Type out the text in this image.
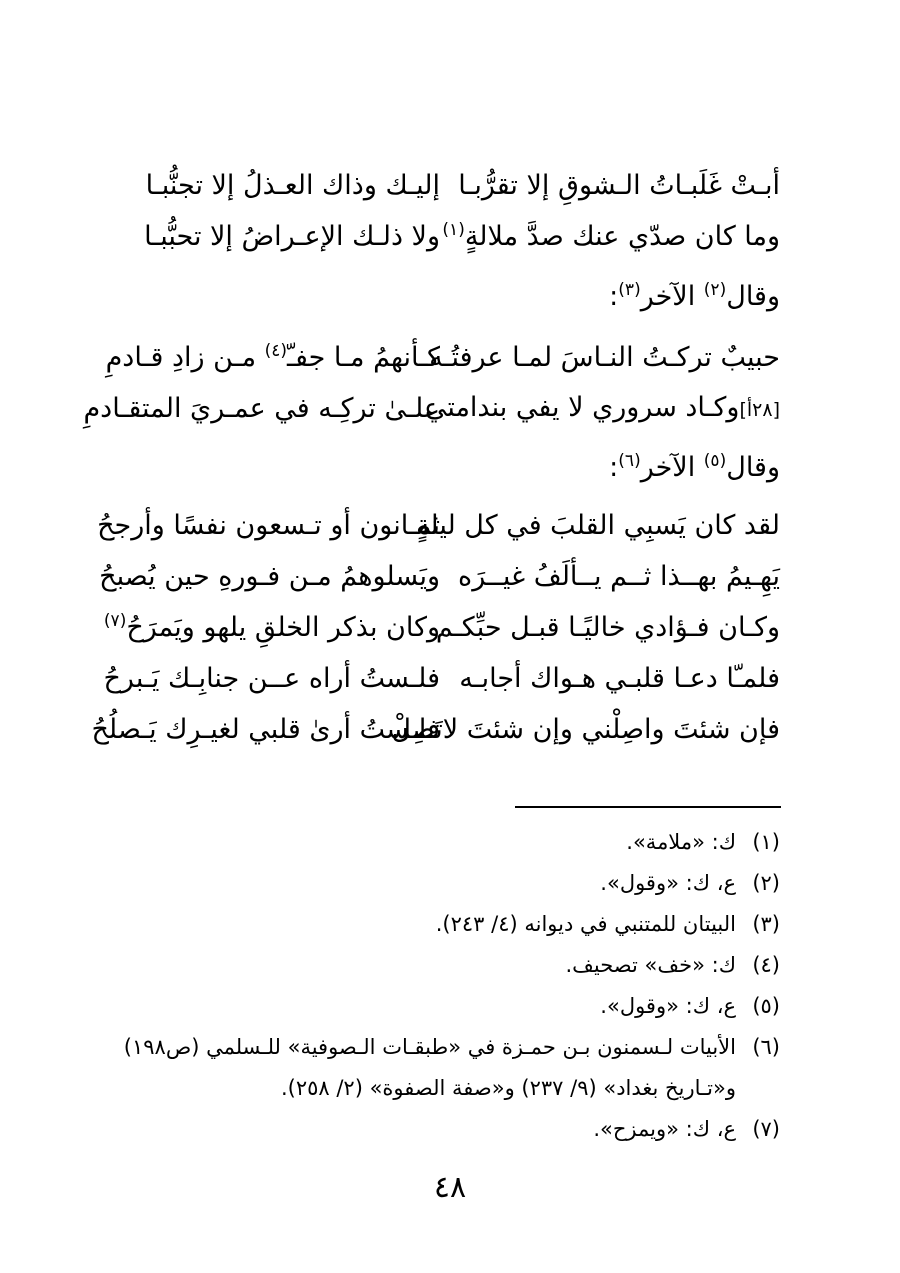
أبـتْ غَلَبـاتُ الـشوقِ إلا تقرُّبـا
إليـك وذاك العـذلُ إلا تجنُّبـا
وما كان صدّي عنك صدَّ ملالةٍ$^{(١)}$
ولا ذلـك الإعـراضُ إلا تحبُّبـا
وقال$^{(٢)}$ الآخر$^{(٣)}$:
حبيبٌ تركـتُ النـاسَ لمـا عرفتُـه
كـأنهمُ مـا جفـّ$^{(٤)}$ مـن زادِ قـادمِ
[٢٨أ]وكـاد سروري لا يفي بندامتي
علـىٰ تركِـه في عمـريَ المتقـادمِ
وقال$^{(٥)}$ الآخر$^{(٦)}$:
لقد كان يَسبِي القلبَ في كل ليلةٍ
ثمـانون أو تـسعون نفسًا وأرجحُ
يَهِـيمُ بهــذا ثــم يــألَفُ غيــرَه
ويَسلوهمُ مـن فـورهِ حين يُصبحُ
وكـان فـؤادي خاليًـا قبـل حبِّكـم
وكان بذكر الخلقِ يلهو ويَمرَحُ$^{(٧)}$
فلمـّا دعـا قلبـي هـواك أجابـه
فلـستُ أراه عــن جنابِـك يَـبرحُ
فإن شئتَ واصِلْني وإن شئتَ لاتَصِلْ
فلـستُ أرىٰ قلبي لغيـرِك يَـصلُحُ
(١)
ك: «ملامة».
(٢)
ع، ك: «وقول».
(٣)
البيتان للمتنبي في ديوانه (٤/ ٢٤٣).
(٤)
ك: «خف» تصحيف.
(٥)
ع، ك: «وقول».
(٦)
الأبيات لـسمنون بـن حمـزة في «طبقـات الـصوفية» للـسلمي (ص١٩٨) و«تـاريخ بغداد» (٩/ ٢٣٧) و«صفة الصفوة» (٢/ ٢٥٨).
(٧)
ع، ك: «ويمزح».
٤٨
